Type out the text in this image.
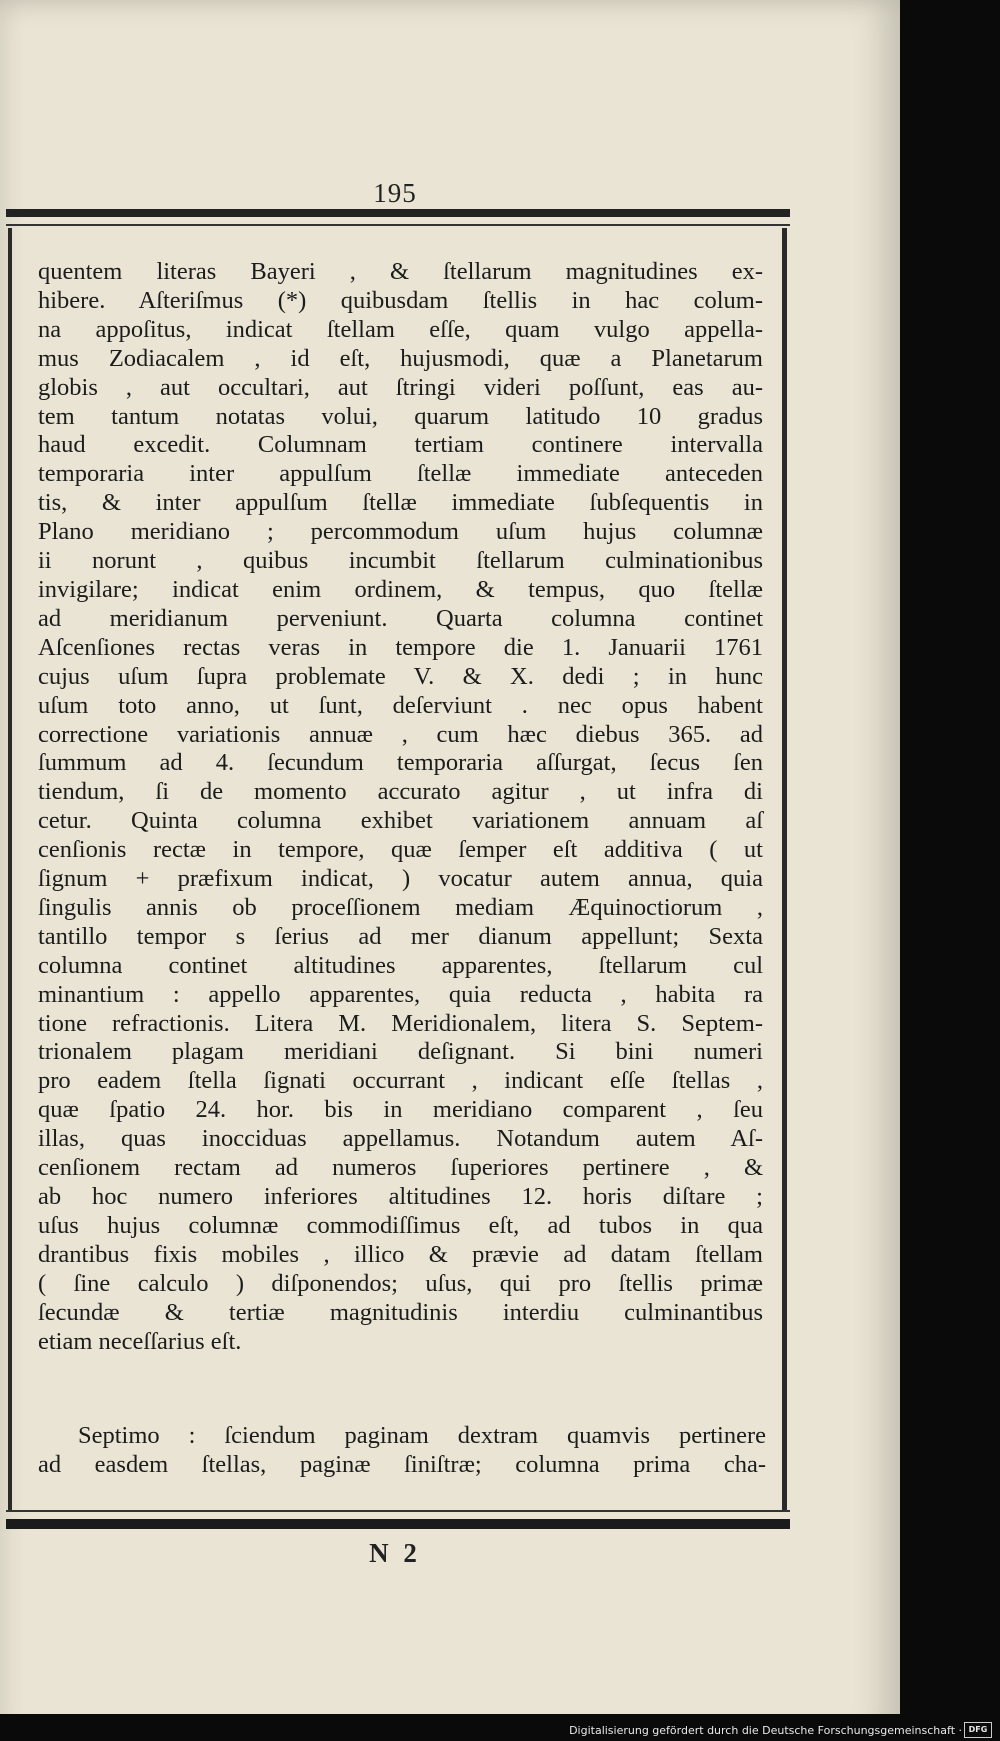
195
quentem literas Bayeri , & ſtellarum magnitudines ex-
hibere. Aſteriſmus (*) quibusdam ſtellis in hac colum-
na appoſitus, indicat ſtellam eſſe, quam vulgo appella-
mus Zodiacalem , id eſt, hujusmodi, quæ a Planetarum
globis , aut occultari, aut ſtringi videri poſſunt, eas au-
tem tantum notatas volui, quarum latitudo 10 gradus
haud excedit. Columnam tertiam continere intervalla
temporaria inter appulſum ſtellæ immediate anteceden
tis, & inter appulſum ſtellæ immediate ſubſequentis in
Plano meridiano ; percommodum uſum hujus columnæ
ii norunt , quibus incumbit ſtellarum culminationibus
invigilare; indicat enim ordinem, & tempus, quo ſtellæ
ad meridianum perveniunt. Quarta columna continet
Aſcenſiones rectas veras in tempore die 1. Januarii 1761
cujus uſum ſupra problemate V. & X. dedi ; in hunc
uſum toto anno, ut ſunt, deſerviunt . nec opus habent
correctione variationis annuæ , cum hæc diebus 365. ad
ſummum ad 4. ſecundum temporaria aſſurgat, ſecus ſen
tiendum, ſi de momento accurato agitur , ut infra di
cetur. Quinta columna exhibet variationem annuam aſ
cenſionis rectæ in tempore, quæ ſemper eſt additiva ( ut
ſignum + præfixum indicat, ) vocatur autem annua, quia
ſingulis annis ob proceſſionem mediam Æquinoctiorum ,
tantillo tempor s ſerius ad mer dianum appellunt; Sexta
columna continet altitudines apparentes, ſtellarum cul
minantium : appello apparentes, quia reducta , habita ra
tione refractionis. Litera M. Meridionalem, litera S. Septem-
trionalem plagam meridiani deſignant. Si bini numeri
pro eadem ſtella ſignati occurrant , indicant eſſe ſtellas ,
quæ ſpatio 24. hor. bis in meridiano comparent , ſeu
illas, quas inocciduas appellamus. Notandum autem Aſ-
cenſionem rectam ad numeros ſuperiores pertinere , &
ab hoc numero inferiores altitudines 12. horis diſtare ;
uſus hujus columnæ commodiſſimus eſt, ad tubos in qua
drantibus fixis mobiles , illico & prævie ad datam ſtellam
( ſine calculo ) diſponendos; uſus, qui pro ſtellis primæ
ſecundæ & tertiæ magnitudinis interdiu culminantibus
etiam neceſſarius eſt.
Septimo : ſciendum paginam dextram quamvis pertinere
ad easdem ſtellas, paginæ ſiniſtræ; columna prima cha-
N 2
Digitalisierung gefördert durch die Deutsche Forschungsgemeinschaft · DFG
